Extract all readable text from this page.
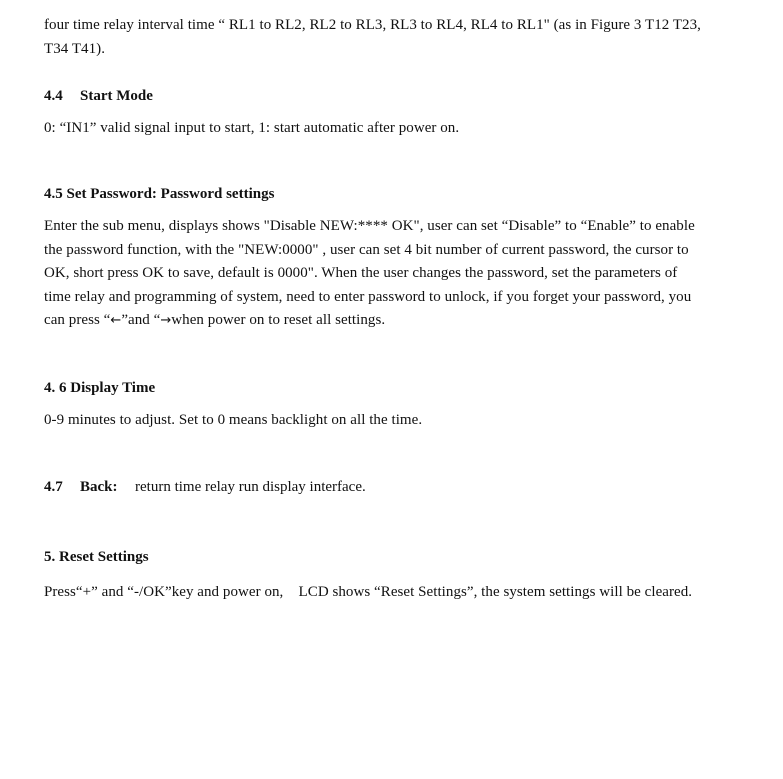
four time relay interval time “ RL1 to RL2, RL2 to RL3, RL3 to RL4, RL4 to RL1" (as in Figure 3 T12 T23,

T34 T41).

4.4 Start Mode

0: “IN1” valid signal input to start, 1: start automatic after power on.

4.5 Set Password: Password settings

Enter the sub menu, displays shows "Disable NEW:**** OK", user can set “Disable” to “Enable” to enable

the password function, with the "NEW:0000" , user can set 4 bit number of current password, the cursor to

OK, short press OK to save, default is 0000". When the user changes the password, set the parameters of

time relay and programming of system, need to enter password to unlock, if you forget your password, you

can press “←”and “→when power on to reset all settings.

4. 6 Display Time

0-9 minutes to adjust. Set to 0 means backlight on all the time.

4.7 Back: return time relay run display interface.

5. Reset Settings

Press“+” and “-/OK”key and power on,    LCD shows “Reset Settings”, the system settings will be cleared.
